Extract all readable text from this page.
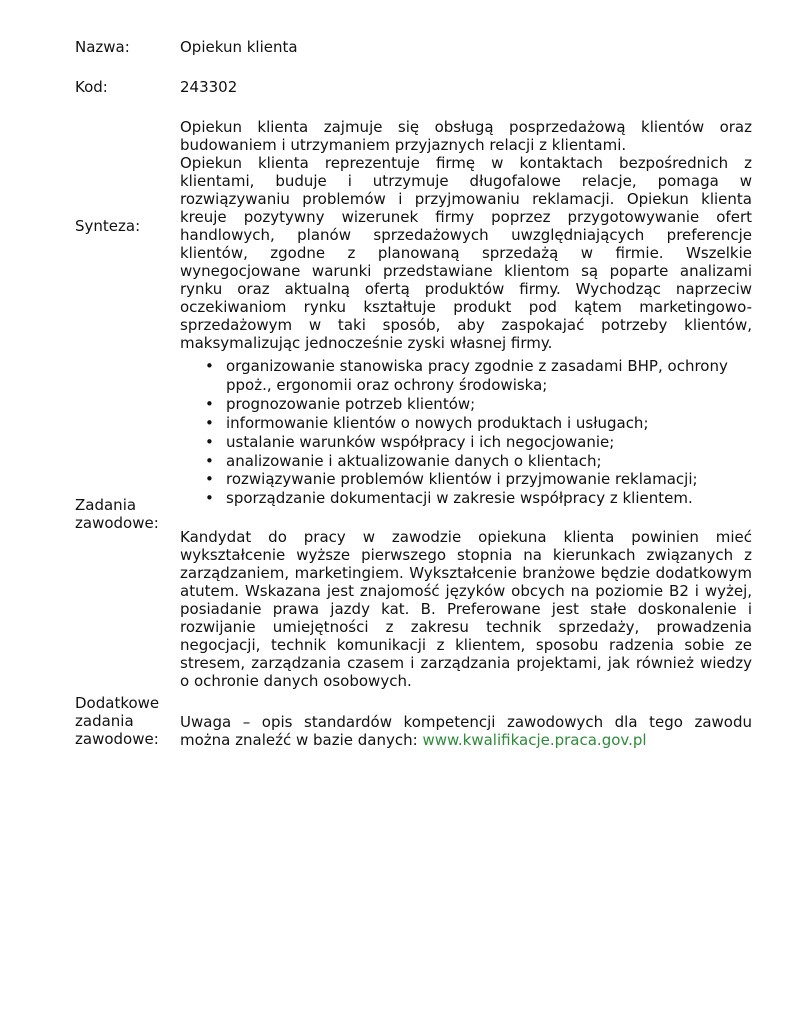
Nazwa:	Opiekun klienta
Kod:	243302
Synteza:

Opiekun klienta zajmuje się obsługą posprzedażową klientów oraz budowaniem i utrzymaniem przyjaznych relacji z klientami.

Opiekun klienta reprezentuje firmę w kontaktach bezpośrednich z klientami, buduje i utrzymuje długofalowe relacje, pomaga w rozwiązywaniu problemów i przyjmowaniu reklamacji. Opiekun klienta kreuje pozytywny wizerunek firmy poprzez przygotowywanie ofert handlowych, planów sprzedażowych uwzględniających preferencje klientów, zgodne z planowaną sprzedażą w firmie. Wszelkie wynegocjowane warunki przedstawiane klientom są poparte analizami rynku oraz aktualną ofertą produktów firmy. Wychodząc naprzeciw oczekiwaniom rynku kształtuje produkt pod kątem marketingowo-sprzedażowym w taki sposób, aby zaspokajać potrzeby klientów, maksymalizując jednocześnie zyski własnej firmy.

Zadania zawodowe:
• organizowanie stanowiska pracy zgodnie z zasadami BHP, ochrony ppoż., ergonomii oraz ochrony środowiska;
• prognozowanie potrzeb klientów;
• informowanie klientów o nowych produktach i usługach;
• ustalanie warunków współpracy i ich negocjowanie;
• analizowanie i aktualizowanie danych o klientach;
• rozwiązywanie problemów klientów i przyjmowanie reklamacji;
• sporządzanie dokumentacji w zakresie współpracy z klientem.
Kandydat do pracy w zawodzie opiekuna klienta powinien mieć wykształcenie wyższe pierwszego stopnia na kierunkach związanych z zarządzaniem, marketingiem. Wykształcenie branżowe będzie dodatkowym atutem. Wskazana jest znajomość języków obcych na poziomie B2 i wyżej, posiadanie prawa jazdy kat. B. Preferowane jest stałe doskonalenie i rozwijanie umiejętności z zakresu technik sprzedaży, prowadzenia negocjacji, technik komunikacji z klientem, sposobu radzenia sobie ze stresem, zarządzania czasem i zarządzania projektami, jak również wiedzy o ochronie danych osobowych.
Dodatkowe zadania zawodowe:
Uwaga – opis standardów kompetencji zawodowych dla tego zawodu można znaleźć w bazie danych: www.kwalifikacje.praca.gov.pl
